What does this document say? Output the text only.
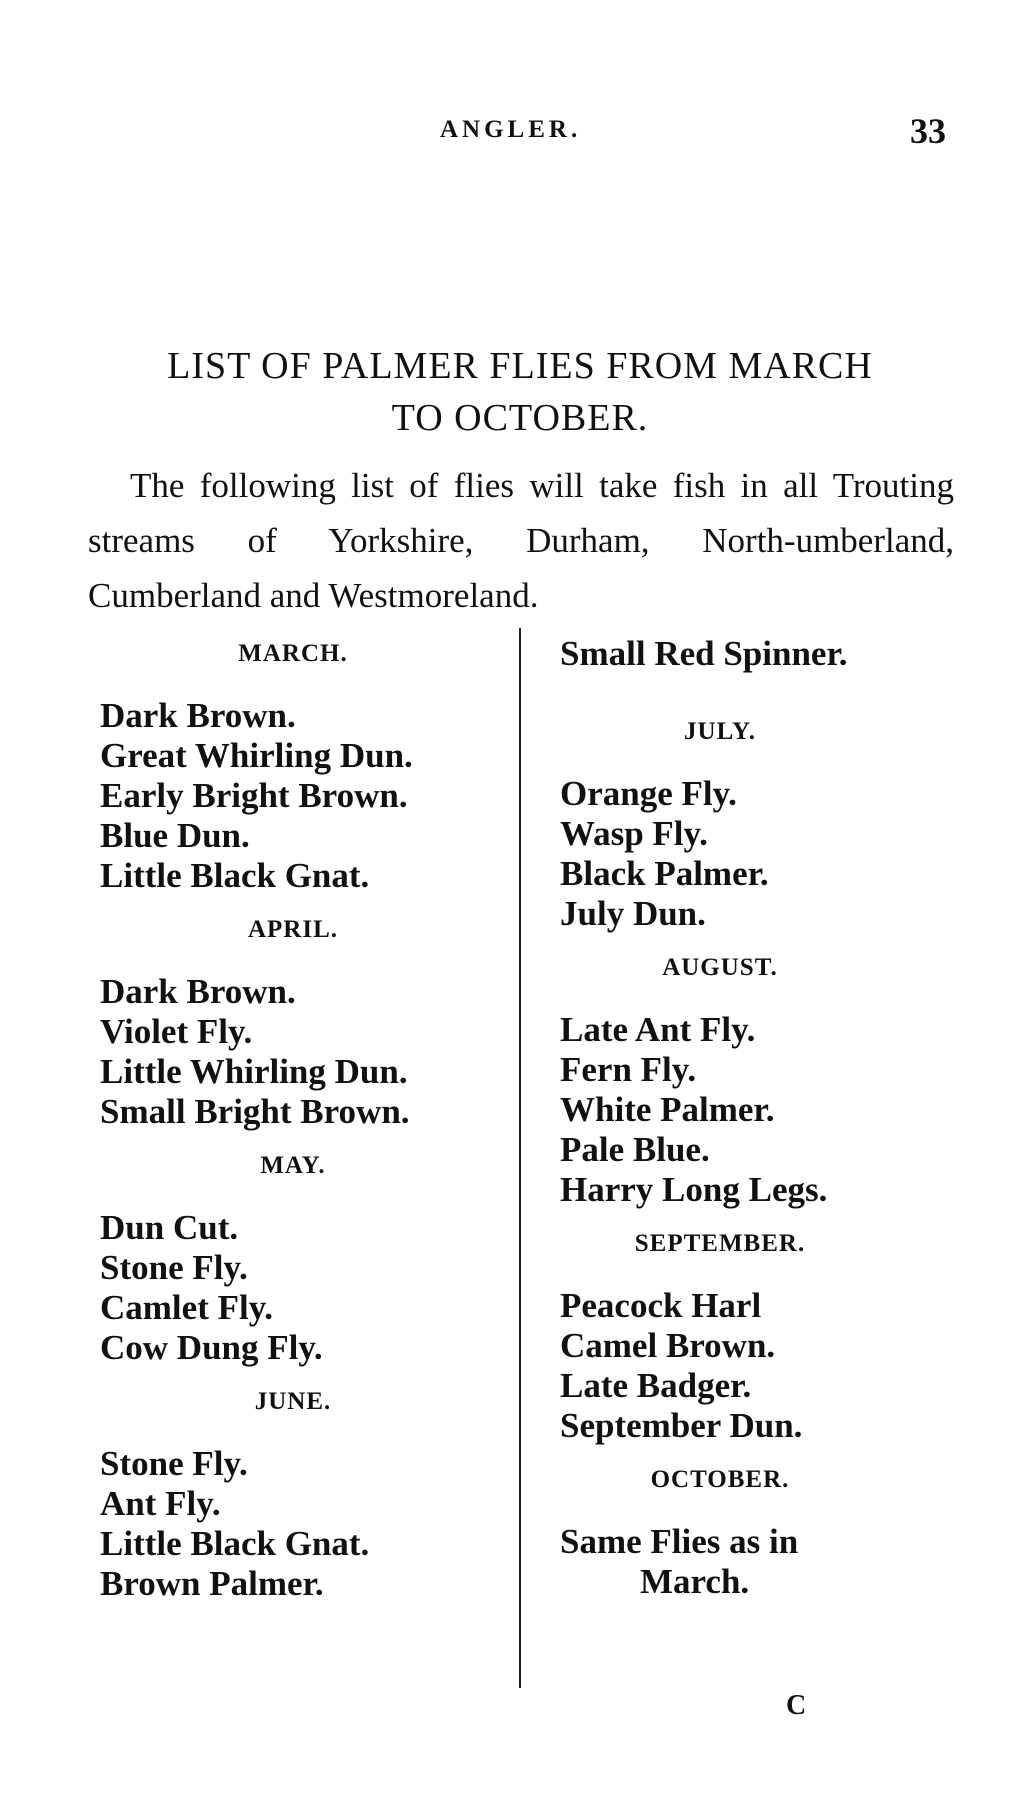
ANGLER.	33
LIST OF PALMER FLIES FROM MARCH
TO OCTOBER.

The following list of flies will take fish in all Trouting streams of Yorkshire, Durham, North-umberland, Cumberland and Westmoreland.

MARCH.
Dark Brown.
Great Whirling Dun.
Early Bright Brown.
Blue Dun.
Little Black Gnat.
APRIL.
Dark Brown.
Violet Fly.
Little Whirling Dun.
Small Bright Brown.
MAY.
Dun Cut.
Stone Fly.
Camlet Fly.
Cow Dung Fly.
JUNE.
Stone Fly.
Ant Fly.
Little Black Gnat.
Brown Palmer.
Small Red Spinner.
JULY.
Orange Fly.
Wasp Fly.
Black Palmer.
July Dun.
AUGUST.
Late Ant Fly.
Fern Fly.
White Palmer.
Pale Blue.
Harry Long Legs.
SEPTEMBER.
Peacock Harl
Camel Brown.
Late Badger.
September Dun.
OCTOBER.
Same Flies as in
March.
C
